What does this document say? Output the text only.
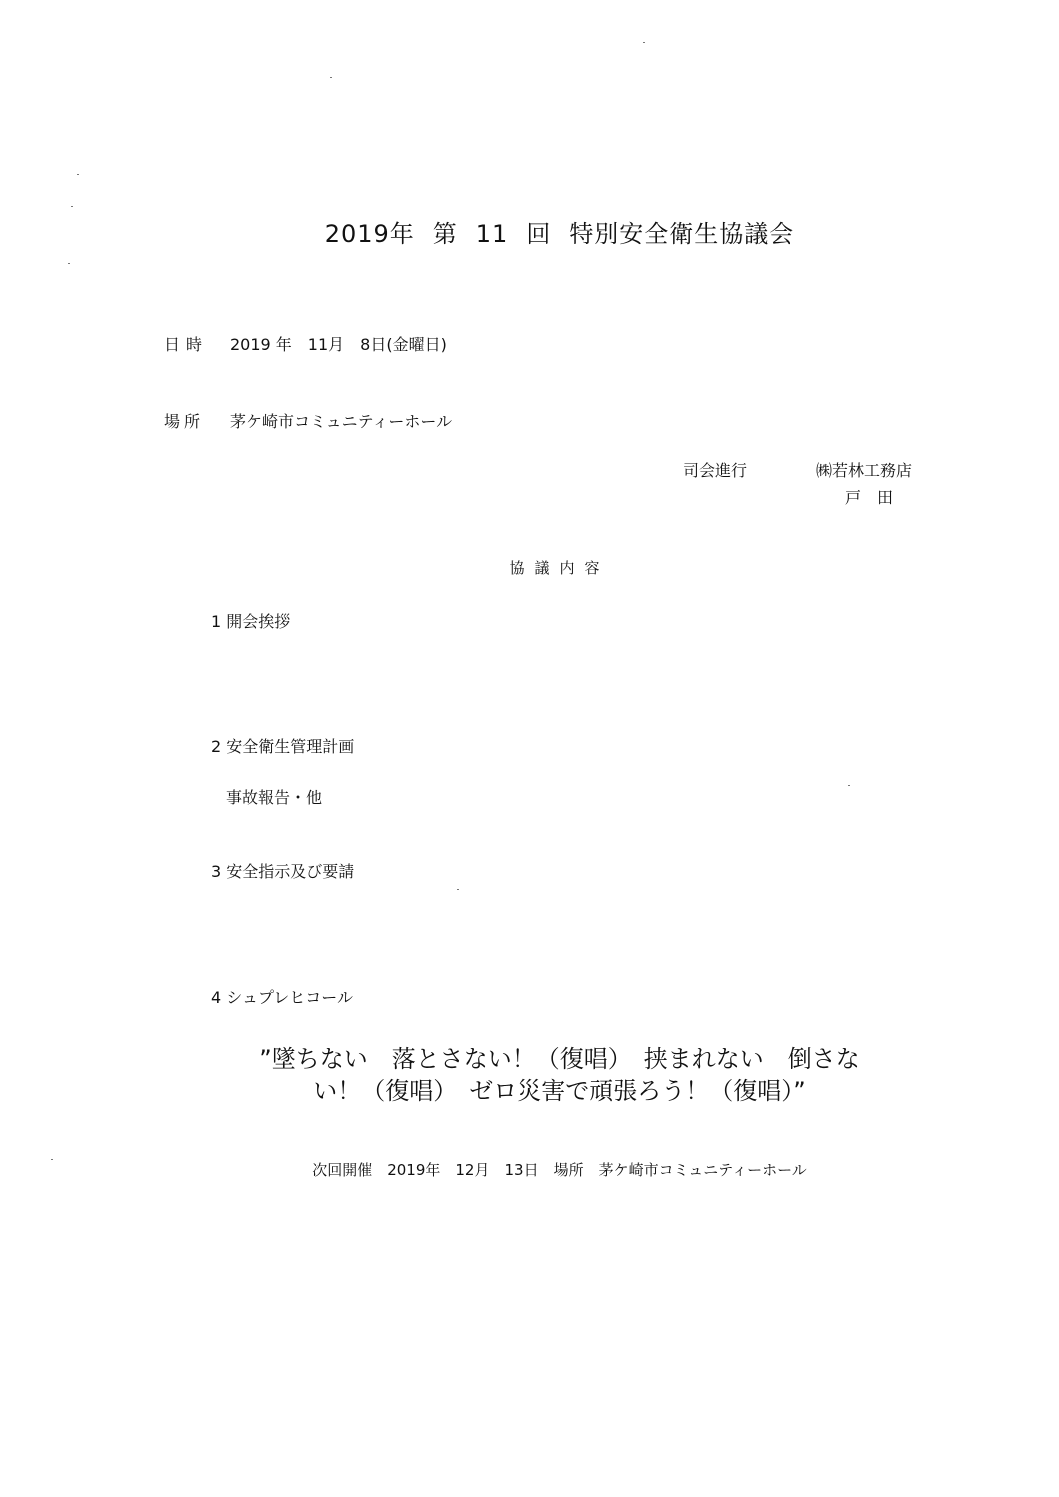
2019年 第 11 回 特別安全衛生協議会
日時 2019 年　11月　8日(金曜日)
場所 茅ケ崎市コミュニティーホール
司会進行	㈱若林工務店
戸田
協議内容
1 開会挨拶
2 安全衛生管理計画
事故報告・他
3 安全指示及び要請
4 シュプレヒコール
”墜ちない　落とさない！（復唱）　挟まれない　倒さな
い！（復唱）　ゼロ災害で頑張ろう！（復唱）”
次回開催　2019年　12月　13日　場所　茅ケ崎市コミュニティーホール
